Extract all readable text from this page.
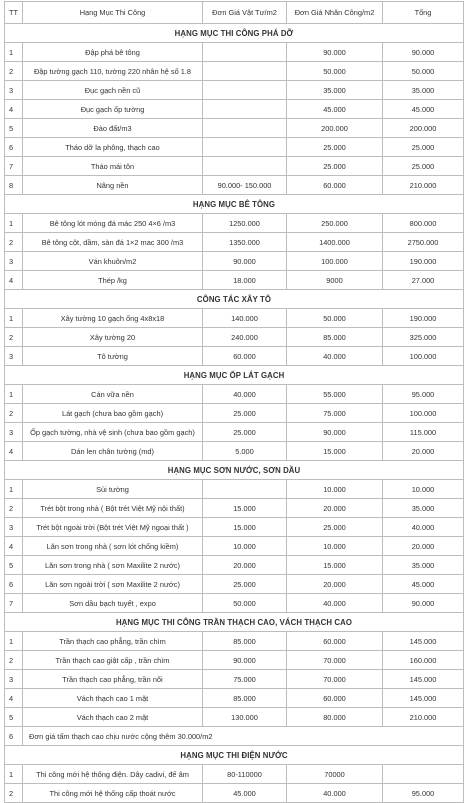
TT	Hạng Mục Thi Công	Đơn Giá Vật Tư/m2	Đơn Giá Nhân Công/m2	Tổng
HẠNG MỤC THI CÔNG PHÁ DỠ				
1	Đập phá bê tông		90.000	90.000
2	Đập tường gạch 110, tường 220 nhân hệ số 1.8		50.000	50.000
3	Đục gạch nền cũ		35.000	35.000
4	Đục gạch ốp tường		45.000	45.000
5	Đào đất/m3		200.000	200.000
6	Tháo dỡ la phông, thạch cao		25.000	25.000
7	Tháo mái tôn		25.000	25.000
8	Nâng nền	90.000- 150.000	60.000	210.000
HẠNG MỤC BÊ TÔNG				
1	Bê tông lót móng đá mác 250 4×6 /m3	1250.000	250.000	800.000
2	Bê tông cột, dầm, sàn đá 1×2 mac 300 /m3	1350.000	1400.000	2750.000
3	Ván khuôn/m2	90.000	100.000	190.000
4	Thép /kg	18.000	9000	27.000
CÔNG TÁC XÂY TÔ				
1	Xây tường 10 gạch ống 4x8x18	140.000	50.000	190.000
2	Xây tường 20	240.000	85.000	325.000
3	Tô tường	60.000	40.000	100.000
HẠNG MỤC ỐP LÁT GẠCH				
1	Cán vữa nền	40.000	55.000	95.000
2	Lát gạch (chưa bao gồm gạch)	25.000	75.000	100.000
3	Ốp gạch tường, nhà vệ sinh (chưa bao gồm gạch)	25.000	90.000	115.000
4	Dán len chân tường (md)	5.000	15.000	20.000
HẠNG MỤC SƠN NƯỚC, SƠN DẦU				
1	Sủi tường		10.000	10.000
2	Trét bột trong nhà ( Bột trét Việt Mỹ nội thất)	15.000	20.000	35.000
3	Trét bột ngoài trời (Bột trét Việt Mỹ ngoại thất )	15.000	25.000	40.000
4	Lăn sơn trong nhà ( sơn lót chống kiềm)	10.000	10.000	20.000
5	Lăn sơn trong nhà ( sơn Maxilite 2 nước)	20.000	15.000	35.000
6	Lăn sơn ngoài trời ( sơn Maxilite 2 nước)	25.000	20.000	45.000
7	Sơn dầu bạch tuyết , expo	50.000	40.000	90.000
HẠNG MỤC THI CÔNG TRẦN THẠCH CAO, VÁCH THẠCH CAO				
1	Trần thạch cao phẳng, trần chìm	85.000	60.000	145.000
2	Trần thạch cao giật cấp , trần chìm	90.000	70.000	160.000
3	Trần thạch cao phẳng, trần nổi	75.000	70.000	145.000
4	Vách thạch cao 1 mặt	85.000	60.000	145.000
5	Vách thạch cao 2 mặt	130.000	80.000	210.000
6	Đơn giá tấm thạch cao chịu nước cộng thêm 30.000/m2			
HẠNG MỤC THI ĐIỆN NƯỚC				
1	Thi công mới hệ thống điện. Dây cadivi, đế âm	80-110000	70000	
2	Thi công mới hệ thống cấp thoát nước	45.000	40.000	95.000
